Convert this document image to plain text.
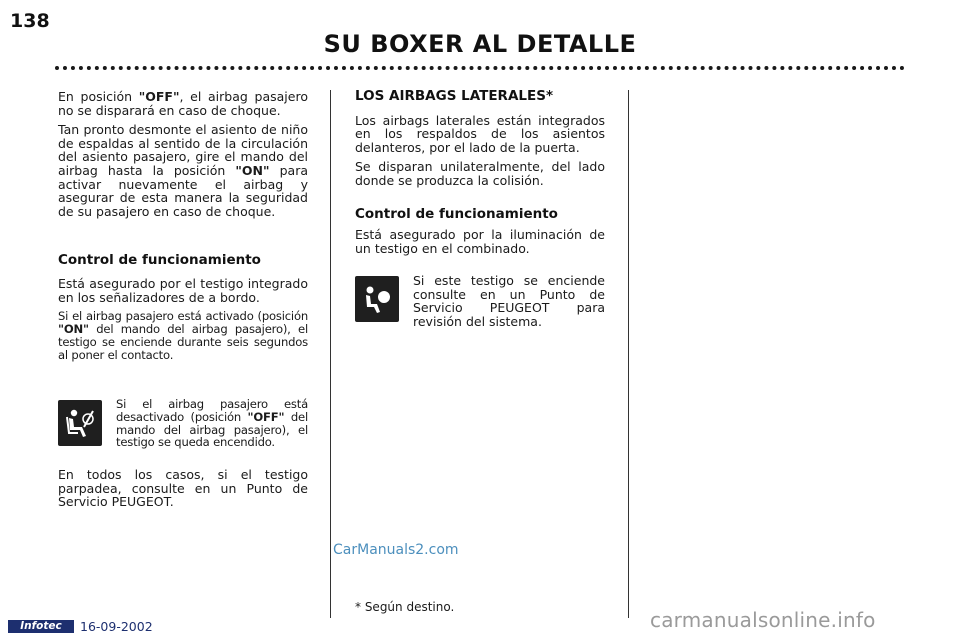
138
SU BOXER AL DETALLE

En posición "OFF", el airbag pasajero no se disparará en caso de choque.

Tan pronto desmonte el asiento de niño de espaldas al sentido de la circulación del asiento pasajero, gire el mando del airbag hasta la posición "ON" para activar nuevamente el airbag y asegurar de esta manera la seguridad de su pasajero en caso de choque.

Control de funcionamiento

Está asegurado por el testigo integrado en los señalizadores de a bordo.

Si el airbag pasajero está activado (posición "ON" del mando del airbag pasajero), el testigo se enciende durante seis segundos al poner el contacto.

Si el airbag pasajero está desactivado (posición "OFF" del mando del airbag pasajero), el testigo se queda encendido.
En todos los casos, si el testigo parpadea, consulte en un Punto de Servicio PEUGEOT.
LOS AIRBAGS LATERALES*

Los airbags laterales están integrados en los respaldos de los asientos delanteros, por el lado de la puerta.

Se disparan unilateralmente, del lado donde se produzca la colisión.

Control de funcionamiento

Está asegurado por la iluminación de un testigo en el combinado.

Si este testigo se enciende consulte en un Punto de Servicio PEUGEOT para revisión del sistema.
CarManuals2.com
* Según destino.
Infotec	16-09-2002	carmanualsonline.info
